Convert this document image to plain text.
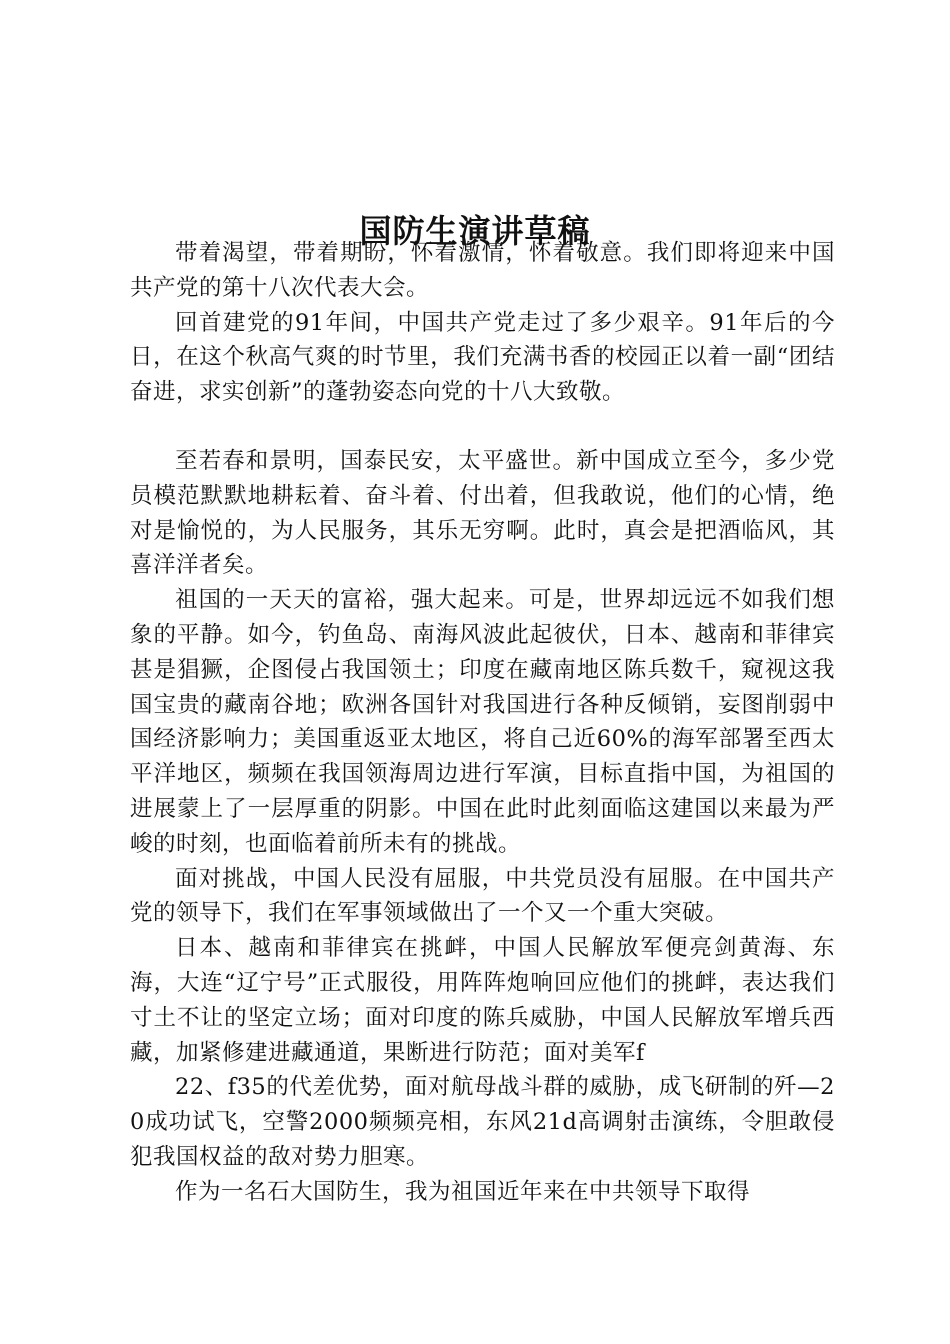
国防生演讲草稿

带着渴望，带着期盼，怀着激情，怀着敬意。我们即将迎来中国共产党的第十八次代表大会。

回首建党的91年间，中国共产党走过了多少艰辛。91年后的今日，在这个秋高气爽的时节里，我们充满书香的校园正以着一副“团结奋进，求实创新”的蓬勃姿态向党的十八大致敬。

至若春和景明，国泰民安，太平盛世。新中国成立至今，多少党员模范默默地耕耘着、奋斗着、付出着，但我敢说，他们的心情，绝对是愉悦的，为人民服务，其乐无穷啊。此时，真会是把酒临风，其喜洋洋者矣。

祖国的一天天的富裕，强大起来。可是，世界却远远不如我们想象的平静。如今，钓鱼岛、南海风波此起彼伏，日本、越南和菲律宾甚是猖獗，企图侵占我国领土；印度在藏南地区陈兵数千，窥视这我国宝贵的藏南谷地；欧洲各国针对我国进行各种反倾销，妄图削弱中国经济影响力；美国重返亚太地区，将自己近60%的海军部署至西太平洋地区，频频在我国领海周边进行军演，目标直指中国，为祖国的进展蒙上了一层厚重的阴影。中国在此时此刻面临这建国以来最为严峻的时刻，也面临着前所未有的挑战。

面对挑战，中国人民没有屈服，中共党员没有屈服。在中国共产党的领导下，我们在军事领域做出了一个又一个重大突破。

日本、越南和菲律宾在挑衅，中国人民解放军便亮剑黄海、东海，大连“辽宁号”正式服役，用阵阵炮响回应他们的挑衅，表达我们寸土不让的坚定立场；面对印度的陈兵威胁，中国人民解放军增兵西藏，加紧修建进藏通道，果断进行防范；面对美军f

22、f35的代差优势，面对航母战斗群的威胁，成飞研制的歼—20成功试飞，空警2000频频亮相，东风21d高调射击演练，令胆敢侵犯我国权益的敌对势力胆寒。

作为一名石大国防生，我为祖国近年来在中共领导下取得
